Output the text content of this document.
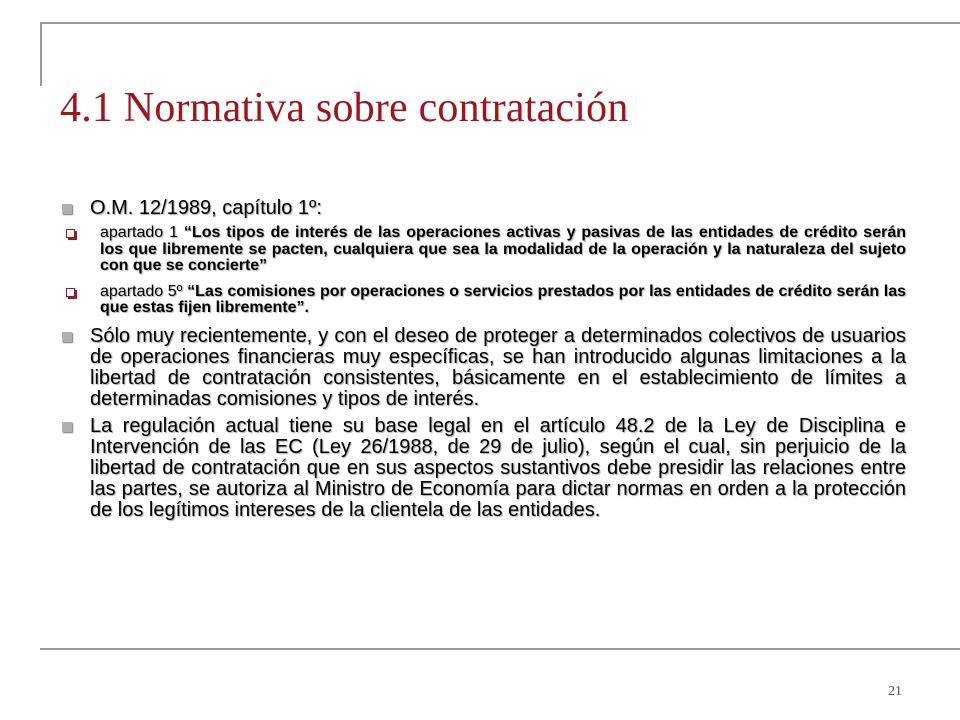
4.1 Normativa sobre contratación
O.M. 12/1989, capítulo 1º:
apartado 1 “Los tipos de interés de las operaciones activas y pasivas de las entidades de crédito serán los que libremente se pacten, cualquiera que sea la modalidad de la operación y la naturaleza del sujeto con que se concierte”
apartado 5º “Las comisiones por operaciones o servicios prestados por las entidades de crédito serán las que estas fijen libremente”.
Sólo muy recientemente, y con el deseo de proteger a determinados colectivos de usuarios de operaciones financieras muy específicas, se han introducido algunas limitaciones a la libertad de contratación consistentes, básicamente en el establecimiento de límites a determinadas comisiones y tipos de interés.
La regulación actual tiene su base legal en el artículo 48.2 de la Ley de Disciplina e Intervención de las EC (Ley 26/1988, de 29 de julio), según el cual, sin perjuicio de la libertad de contratación que en sus aspectos sustantivos debe presidir las relaciones entre las partes, se autoriza al Ministro de Economía para dictar normas en orden a la protección de los legítimos intereses de la clientela de las entidades.
21
